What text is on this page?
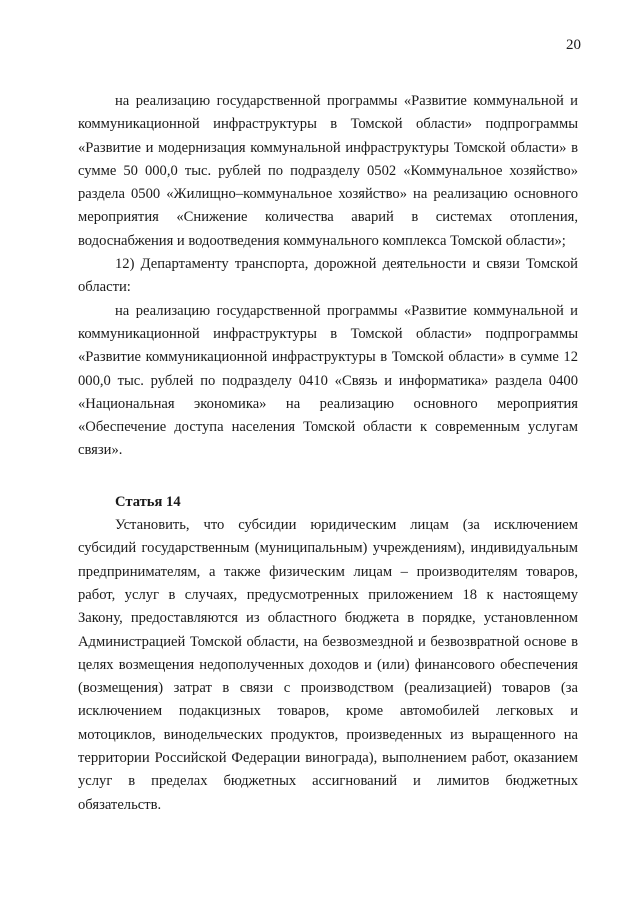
20

на реализацию государственной программы «Развитие коммунальной и коммуникационной инфраструктуры в Томской области» подпрограммы «Развитие и модернизация коммунальной инфраструктуры Томской области» в сумме 50 000,0 тыс. рублей по подразделу 0502 «Коммунальное хозяйство» раздела 0500 «Жилищно–коммунальное хозяйство» на реализацию основного мероприятия «Снижение количества аварий в системах отопления, водоснабжения и водоотведения коммунального комплекса Томской области»;

12) Департаменту транспорта, дорожной деятельности и связи Томской области:

на реализацию государственной программы «Развитие коммунальной и коммуникационной инфраструктуры в Томской области» подпрограммы «Развитие коммуникационной инфраструктуры в Томской области» в сумме 12 000,0 тыс. рублей по подразделу 0410 «Связь и информатика» раздела 0400 «Национальная экономика» на реализацию основного мероприятия «Обеспечение доступа населения Томской области к современным услугам связи».

Статья 14

Установить, что субсидии юридическим лицам (за исключением субсидий государственным (муниципальным) учреждениям), индивидуальным предпринимателям, а также физическим лицам – производителям товаров, работ, услуг в случаях, предусмотренных приложением 18 к настоящему Закону, предоставляются из областного бюджета в порядке, установленном Администрацией Томской области, на безвозмездной и безвозвратной основе в целях возмещения недополученных доходов и (или) финансового обеспечения (возмещения) затрат в связи с производством (реализацией) товаров (за исключением подакцизных товаров, кроме автомобилей легковых и мотоциклов, винодельческих продуктов, произведенных из выращенного на территории Российской Федерации винограда), выполнением работ, оказанием услуг в пределах бюджетных ассигнований и лимитов бюджетных обязательств.
